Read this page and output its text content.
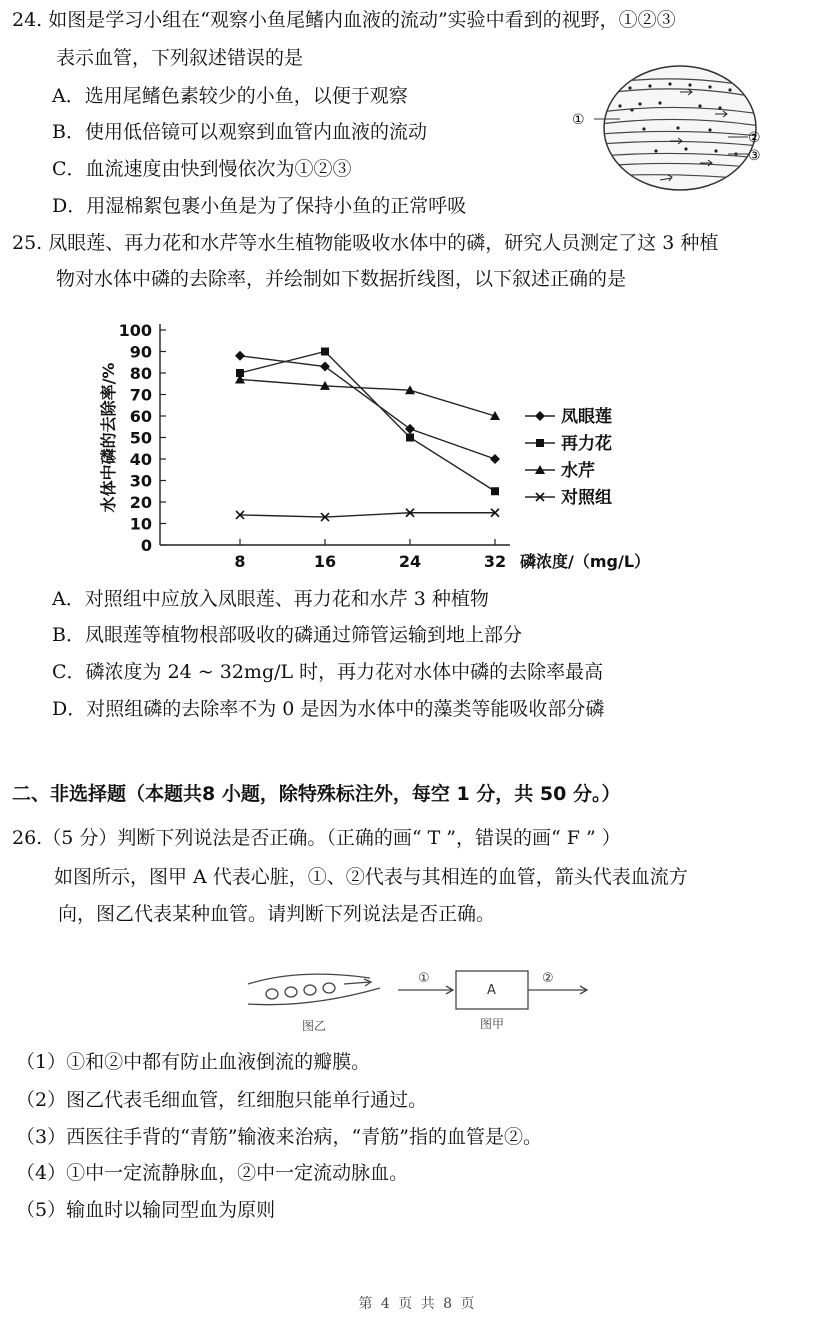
24. 如图是学习小组在“观察小鱼尾鳍内血液的流动”实验中看到的视野，①②③
表示血管，下列叙述错误的是
A．选用尾鳍色素较少的小鱼，以便于观察
B．使用低倍镜可以观察到血管内血液的流动
C．血流速度由快到慢依次为①②③
D．用湿棉絮包裹小鱼是为了保持小鱼的正常呼吸
①
②
③
25. 凤眼莲、再力花和水芹等水生植物能吸收水体中的磷，研究人员测定了这 3 种植
物对水体中磷的去除率，并绘制如下数据折线图，以下叙述正确的是
0
10
20
30
40
50
60
70
80
90
100
8	16	24	32 磷浓度/（mg/L）
水体中磷的去除率/%	凤眼莲
再力花
水芹
对照组
A．对照组中应放入凤眼莲、再力花和水芹 3 种植物
B．凤眼莲等植物根部吸收的磷通过筛管运输到地上部分
C．磷浓度为 24 ~ 32mg/L 时，再力花对水体中磷的去除率最高
D．对照组磷的去除率不为 0 是因为水体中的藻类等能吸收部分磷
二、非选择题（本题共8 小题，除特殊标注外，每空 1 分，共 50 分。）
26.（5 分）判断下列说法是否正确。（正确的画“ T ”，错误的画“ F ” ）
如图所示，图甲 A 代表心脏，①、②代表与其相连的血管，箭头代表血流方
向，图乙代表某种血管。请判断下列说法是否正确。
图乙
①
A
②
图甲
（1）①和②中都有防止血液倒流的瓣膜。
（2）图乙代表毛细血管，红细胞只能单行通过。
（3）西医往手背的“青筋”输液来治病，“青筋”指的血管是②。
（4）①中一定流静脉血，②中一定流动脉血。
（5）输血时以输同型血为原则
第 4 页 共 8 页
